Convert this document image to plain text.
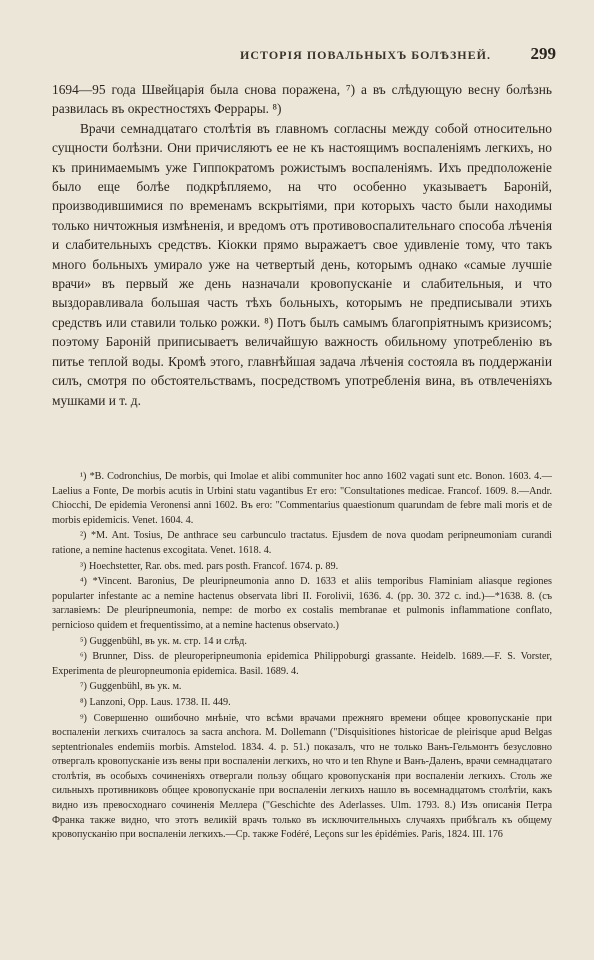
ИСТОРІЯ ПОВАЛЬНЫХЪ БОЛѢЗНЕЙ. 299

1694—95 года Швейцарія была снова поражена, ⁷) а въ слѣдующую весну болѣзнь развилась въ окрестностяхъ Феррары. ⁸)

Врачи семнадцатаго столѣтія въ главномъ согласны между собой относительно сущности болѣзни. Они причисляютъ ее не къ настоящимъ воспаленіямъ легкихъ, но къ принимаемымъ уже Гиппократомъ рожистымъ воспаленіямъ. Ихъ предположеніе было еще болѣе подкрѣпляемо, на что особенно указываетъ Бароній, производившимися по временамъ вскрытіями, при которыхъ часто были находимы только ничтожныя измѣненія, и вредомъ отъ противовоспалительнаго способа лѣченія и слабительныхъ средствъ. Кіокки прямо выражаетъ свое удивленіе тому, что такъ много больныхъ умирало уже на четвертый день, которымъ однако «самые лучшіе врачи» въ первый же день назначали кровопусканіе и слабительныя, и что выздоравливала большая часть тѣхъ больныхъ, которымъ не предписывали этихъ средствъ или ставили только рожки. ⁸) Потъ былъ самымъ благопріятнымъ кризисомъ; поэтому Бароній приписываетъ величайшую важность обильному употребленію въ питье теплой воды. Кромѣ этого, главнѣйшая задача лѣченія состояла въ поддержаніи силъ, смотря по обстоятельствамъ, посредствомъ употребленія вина, въ отвлеченіяхъ мушками и т. д.

¹) *B. Codronchius, De morbis, qui Imolae et alibi communiter hoc anno 1602 vagati sunt etc. Bonon. 1603. 4.—Laelius a Fonte, De morbis acutis in Urbini statu vagantibus Ет его: "Consultationes medicae. Francof. 1609. 8.—Andr. Chiocchi, De epidemia Veronensi anni 1602. Въ его: "Commentarius quaestionum quarundam de febre mali moris et de morbis epidemicis. Venet. 1604. 4.

²) *M. Ant. Tosius, De anthrace seu carbunculo tractatus. Ejusdem de nova quodam peripneumoniam curandi ratione, a nemine hactenus excogitata. Venet. 1618. 4.

³) Hoechstetter, Rar. obs. med. pars posth. Francof. 1674. p. 89.

⁴) *Vincent. Baronius, De pleuripneumonia anno D. 1633 et aliis temporibus Flaminiam aliasque regiones popularter infestante ac a nemine hactenus observata libri II. Forolivii, 1636. 4. (pp. 30. 372 c. ind.)—*1638. 8. (съ заглавіемъ: De pleuripneumonia, nempe: de morbo ex costalis membranae et pulmonis inflammatione conflato, pernicioso quidem et frequentissimo, at a nemine hactenus observato.)

⁵) Guggenbühl, въ ук. м. стр. 14 и слѣд.

⁶) Brunner, Diss. de pleuroperipneumonia epidemica Philippoburgi grassante. Heidelb. 1689.—F. S. Vorster, Experimenta de pleuropneumonia epidemica. Basil. 1689. 4.

⁷) Guggenbühl, въ ук. м.

⁸) Lanzoni, Opp. Laus. 1738. II. 449.

⁹) Совершенно ошибочно мнѣніе, что всѣми врачами прежняго времени общее кровопусканіе при воспаленіи легкихъ считалось за sacra anchora. M. Dollemann ("Disquisitiones historicae de pleirisque apud Belgas septentrionales endemiis morbis. Amstelod. 1834. 4. p. 51.) показалъ, что не только Ванъ-Гельмонтъ безусловно отвергалъ кровопусканіе изъ вены при воспаленіи легкихъ, но что и ten Rhyne и Ванъ-Даленъ, врачи семнадцатаго столѣтія, въ особыхъ сочиненіяхъ отвергали пользу общаго кровопусканія при воспаленіи легкихъ. Столь же сильныхъ противниковъ общее кровопусканіе при воспаленіи легкихъ нашло въ восемнадцатомъ столѣтіи, какъ видно изъ превосходнаго сочиненія Меллера ("Geschichte des Aderlasses. Ulm. 1793. 8.) Изъ описанія Петра Франка также видно, что этотъ великій врачъ только въ исключительныхъ случаяхъ прибѣгалъ къ общему кровопусканію при воспаленіи легкихъ.—Ср. также Fodéré, Leçons sur les épidémies. Paris, 1824. III. 176
